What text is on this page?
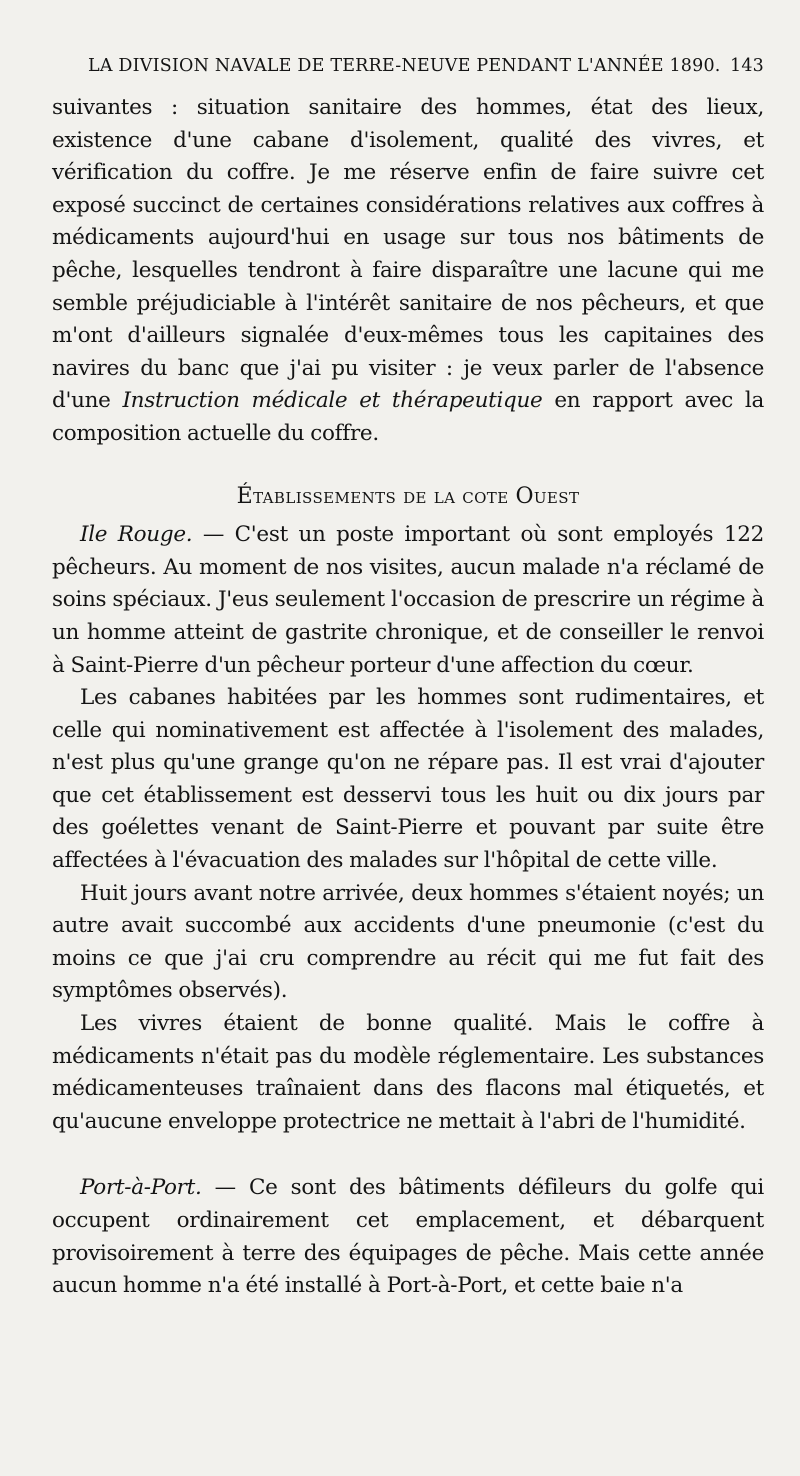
LA DIVISION NAVALE DE TERRE-NEUVE PENDANT L'ANNÉE 1890. 143

suivantes : situation sanitaire des hommes, état des lieux, existence d'une cabane d'isolement, qualité des vivres, et vérification du coffre. Je me réserve enfin de faire suivre cet exposé succinct de certaines considérations relatives aux coffres à médicaments aujourd'hui en usage sur tous nos bâtiments de pêche, lesquelles tendront à faire disparaître une lacune qui me semble préjudiciable à l'intérêt sanitaire de nos pêcheurs, et que m'ont d'ailleurs signalée d'eux-mêmes tous les capitaines des navires du banc que j'ai pu visiter : je veux parler de l'absence d'une Instruction médicale et thérapeutique en rapport avec la composition actuelle du coffre.

Établissements de la cote Ouest

Ile Rouge. — C'est un poste important où sont employés 122 pêcheurs. Au moment de nos visites, aucun malade n'a réclamé de soins spéciaux. J'eus seulement l'occasion de prescrire un régime à un homme atteint de gastrite chronique, et de conseiller le renvoi à Saint-Pierre d'un pêcheur porteur d'une affection du cœur.

Les cabanes habitées par les hommes sont rudimentaires, et celle qui nominativement est affectée à l'isolement des malades, n'est plus qu'une grange qu'on ne répare pas. Il est vrai d'ajouter que cet établissement est desservi tous les huit ou dix jours par des goélettes venant de Saint-Pierre et pouvant par suite être affectées à l'évacuation des malades sur l'hôpital de cette ville.

Huit jours avant notre arrivée, deux hommes s'étaient noyés; un autre avait succombé aux accidents d'une pneumonie (c'est du moins ce que j'ai cru comprendre au récit qui me fut fait des symptômes observés).

Les vivres étaient de bonne qualité. Mais le coffre à médicaments n'était pas du modèle réglementaire. Les substances médicamenteuses traînaient dans des flacons mal étiquetés, et qu'aucune enveloppe protectrice ne mettait à l'abri de l'humidité.

Port-à-Port. — Ce sont des bâtiments défileurs du golfe qui occupent ordinairement cet emplacement, et débarquent provisoirement à terre des équipages de pêche. Mais cette année aucun homme n'a été installé à Port-à-Port, et cette baie n'a
